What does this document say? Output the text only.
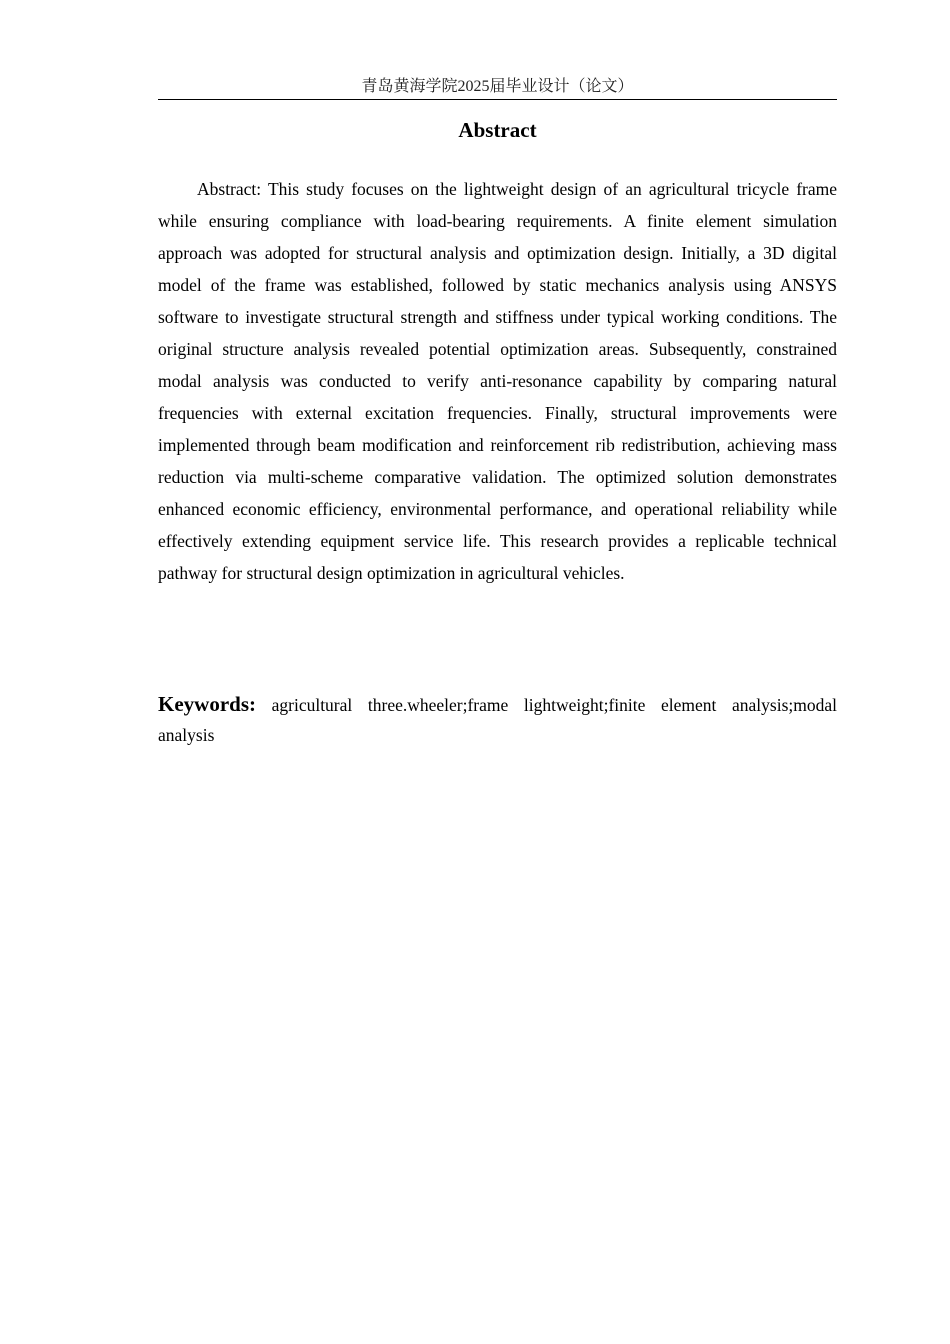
青岛黄海学院2025届毕业设计（论文）
Abstract

Abstract: This study focuses on the lightweight design of an agricultural tricycle frame while ensuring compliance with load-bearing requirements. A finite element simulation approach was adopted for structural analysis and optimization design. Initially, a 3D digital model of the frame was established, followed by static mechanics analysis using ANSYS software to investigate structural strength and stiffness under typical working conditions. The original structure analysis revealed potential optimization areas. Subsequently, constrained modal analysis was conducted to verify anti-resonance capability by comparing natural frequencies with external excitation frequencies. Finally, structural improvements were implemented through beam modification and reinforcement rib redistribution, achieving mass reduction via multi-scheme comparative validation. The optimized solution demonstrates enhanced economic efficiency, environmental performance, and operational reliability while effectively extending equipment service life. This research provides a replicable technical pathway for structural design optimization in agricultural vehicles.

Keywords: agricultural three.wheeler;frame lightweight;finite element analysis;modal analysis
